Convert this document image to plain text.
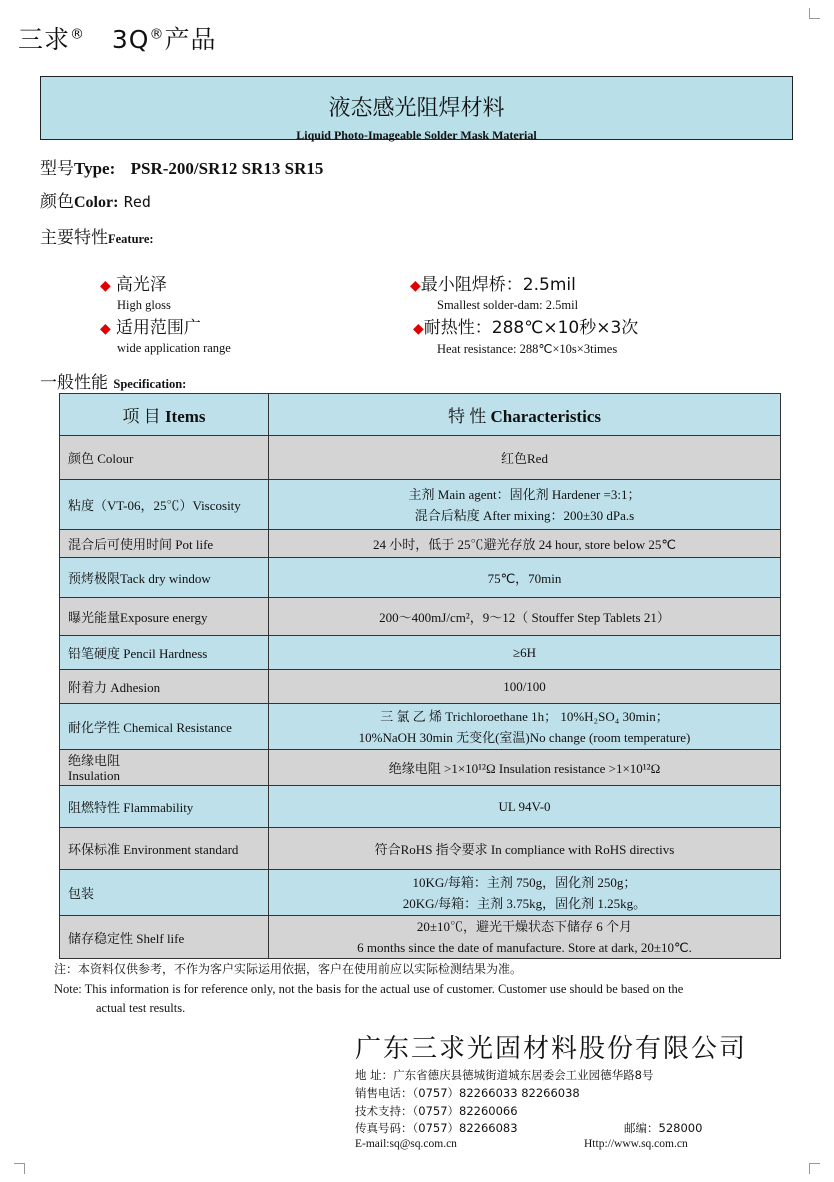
三求® 3Q®产品
液态感光阻焊材料
Liquid Photo-Imageable Solder Mask Material
型号Type: PSR-200/SR12 SR13 SR15
颜色Color: Red
主要特性Feature:
◆ 高光泽
High gloss
◆最小阻焊桥：2.5mil
Smallest solder-dam: 2.5mil
◆ 适用范围广
wide application range
◆耐热性：288℃×10秒×3次
Heat resistance: 288℃×10s×3times
一般性能 Specification:
项 目 Items	特 性 Characteristics
颜色 Colour	红色Red
粘度（VT-06，25℃）Viscosity	主剂 Main agent：固化剂 Hardener =3:1；
混合后粘度 After mixing：200±30 dPa.s

混合后可使用时间 Pot life	24 小时，低于 25℃避光存放 24 hour, store below 25℃
预烤极限Tack dry window	75℃，70min
曝光能量Exposure energy	200～400mJ/cm²，9～12（ Stouffer Step Tablets 21）
铅笔硬度 Pencil Hardness	≥6H
附着力 Adhesion	100/100
耐化学性 Chemical Resistance	三 氯 乙 烯 Trichloroethane 1h； 10%H₂SO₄ 30min；
10%NaOH 30min 无变化(室温)No change (room temperature)

绝缘电阻
Insulation	绝缘电阻 >1×10¹²Ω Insulation resistance >1×10¹²Ω
阻燃特性 Flammability	UL 94V-0
环保标准 Environment standard	符合RoHS 指令要求 In compliance with RoHS directivs
包装	10KG/每箱：主剂 750g，固化剂 250g；
20KG/每箱：主剂 3.75kg，固化剂 1.25kg。

储存稳定性 Shelf life	20±10℃，避光干燥状态下储存 6 个月
6 months since the date of manufacture. Store at dark, 20±10℃.
注：本资料仅供参考，不作为客户实际运用依据，客户在使用前应以实际检测结果为准。
Note: This information is for reference only, not the basis for the actual use of customer. Customer use should be based on the
actual test results.
广东三求光固材料股份有限公司
地 址：广东省德庆县德城街道城东居委会工业园德华路8号
销售电话：（0757）82266033 82266038
技术支持：（0757）82260066
传真号码：（0757）82266083	邮编：528000
E-mail:sq@sq.com.cn	Http://www.sq.com.cn
